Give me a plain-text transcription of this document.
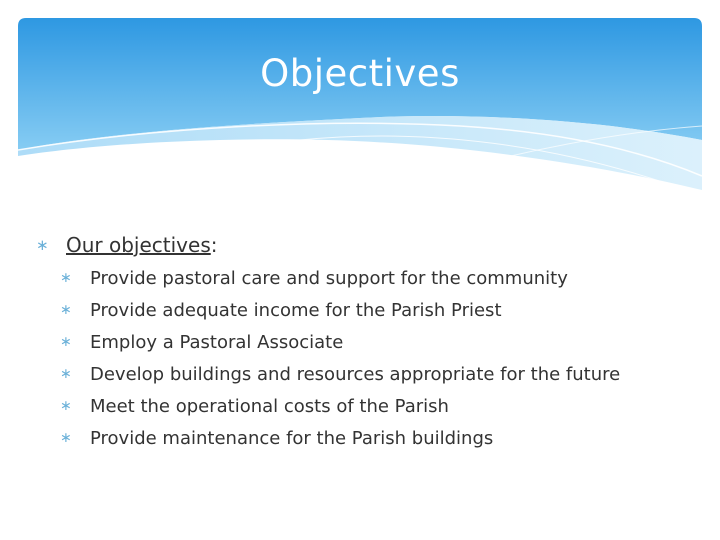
Objectives
∗ Our objectives :
∗	Provide pastoral care and support for the community
∗	Provide adequate income for the Parish Priest
∗	Employ a Pastoral Associate
∗	Develop buildings and resources appropriate for the future
∗	Meet the operational costs of the Parish
∗	Provide maintenance for the Parish buildings
